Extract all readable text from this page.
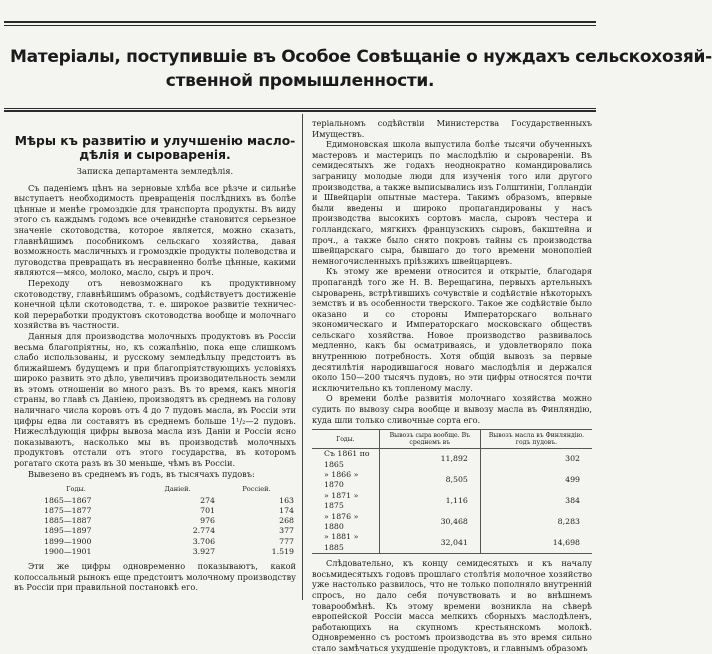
Матеріалы, поступившіе въ Особое Совѣщаніе о нуждахъ сельскохозяй-
ственной промышленности.
Мѣры къ развитію и улучшенію масло-дѣлія и сыроваренія.
Записка департамента земледѣлія.

Съ паденіемъ цѣнъ на зерновые хлѣба все рѣзче и сильнѣе выступаетъ необходимость превращенія послѣднихъ въ болѣе цѣнные и менѣе громоздкіе для транспорта продукты. Въ виду этого съ каждымъ годомъ все очевиднѣе становится серьезное значеніе скотоводства, которое является, можно сказать, главнѣйшимъ пособникомъ сельскаго хозяйства, давая возможность масличныхъ и громоздкіе продукты полеводства и луговодства превращать въ несравненно болѣе цѣнные, какими являются—мясо, молоко, масло, сыръ и проч.

Переходу отъ невозможнаго къ продуктивному скотоводству, главнѣйшимъ образомъ, содѣйствуетъ достиженіе конечной цѣли скотоводства, т. е. широкое развитіе технической переработки продуктовъ скотоводства вообще и молочнаго хозяйства въ частности.

Данныя для производства молочныхъ продуктовъ въ Россіи весьма благопріятны, но, къ сожалѣнію, пока еще слишкомъ слабо использованы, и русскому земледѣльцу предстоитъ въ ближайшемъ будущемъ и при благопріятствующихъ условіяхъ широко развить это дѣло, увеличивъ производительность земли въ этомъ отношеніи во много разъ. Въ то время, какъ многія страны, во главѣ съ Даніею, производятъ въ среднемъ на голову наличнаго числа коровъ отъ 4 до 7 пудовъ масла, въ Россіи эти цифры едва ли составятъ въ среднемъ больше 1¹/₂—2 пудовъ. Нижеслѣдующія цифры вывоза масла изъ Даніи и Россіи ясно показываютъ, насколько мы въ производствѣ молочныхъ продуктовъ отстали отъ этого государства, въ которомъ рогатаго скота разъ въ 30 меньше, чѣмъ въ Россіи.

Вывезено въ среднемъ въ годъ, въ тысячахъ пудовъ:

Годы.	Даніей.	Россіей.
1865—1867	274	163
1875—1877	701	174
1885—1887	976	268
1895—1897	2.774	377
1899—1900	3.706	777
1900—1901	3.927	1.519

Эти же цифры одновременно показываютъ, какой колоссальный рынокъ еще предстоитъ молочному производству въ Россіи при правильной постановкѣ его.

теріальномъ содѣйствіи Министерства Государственныхъ Имуществъ.

Едимоновская школа выпустила болѣе тысячи обученныхъ мастеровъ и мастерицъ по маслодѣлію и сыровареніи. Въ семидесятыхъ же годахъ неоднократно командировались заграницу молодые люди для изученія того или другого производства, а также выписывались изъ Голштиніи, Голландіи и Швейцаріи опытные мастера. Такимъ образомъ, впервые были введены и широко пропагандированы у насъ производства высокихъ сортовъ масла, сыровъ честера и голландскаго, мягкихъ французскихъ сыровъ, бакштейна и проч., а также было снято покровъ тайны съ производства швейцарскаго сыра, бывшаго до того времени монополіей немногочисленныхъ пріѣзжихъ швейцарцевъ.

Къ этому же времени относится и открытіе, благодаря пропагандѣ того же Н. В. Верещагина, первыхъ артельныхъ сыроварень, встрѣтившихъ сочувствіе и содѣйствіе нѣкоторыхъ земствъ и въ особенности тверского. Такое же содѣйствіе было оказано и со стороны Императорскаго вольнаго экономическаго и Императорскаго московскаго обществъ сельскаго хозяйства. Новое производство развивалось медленно, какъ бы осматриваясь, и удовлетворяло пока внутреннюю потребность. Хотя общій вывозъ за первые десятилѣтія народившагося новаго маслодѣлія и держался около 150—200 тысячъ пудовъ, но эти цифры относятся почти исключительно къ топленому маслу.

О времени болѣе развитія молочнаго хозяйства можно судить по вывозу сыра вообще и вывозу масла въ Финляндію, куда шли только сливочные сорта его.

Годы.	Вывозъ сыра вообще. Въ среднемъ въ	Вывозъ масла въ Финляндію. годъ пудовъ.
Съ 1861 по 1865	11,892	302
» 1866 » 1870	8,505	499
» 1871 » 1875	1,116	384
» 1876 » 1880	30,468	8,283
» 1881 » 1885	32,041	14,698

Слѣдовательно, къ концу семидесятыхъ и къ началу восьмидесятыхъ годовъ прошлаго столѣтія молочное хозяйство уже настолько развилось, что не только пополняло внутренній спросъ, но дало себя почувствовать и во внѣшнемъ товарообмѣнѣ. Къ этому времени возникла на сѣверѣ европейской Россіи масса мелкихъ сборныхъ маслодѣленъ, работающихъ на скупномъ крестьянскомъ молокѣ. Одновременно съ ростомъ производства въ это время сильно стало замѣчаться ухудшеніе продуктовъ, и главнымъ образомъ
